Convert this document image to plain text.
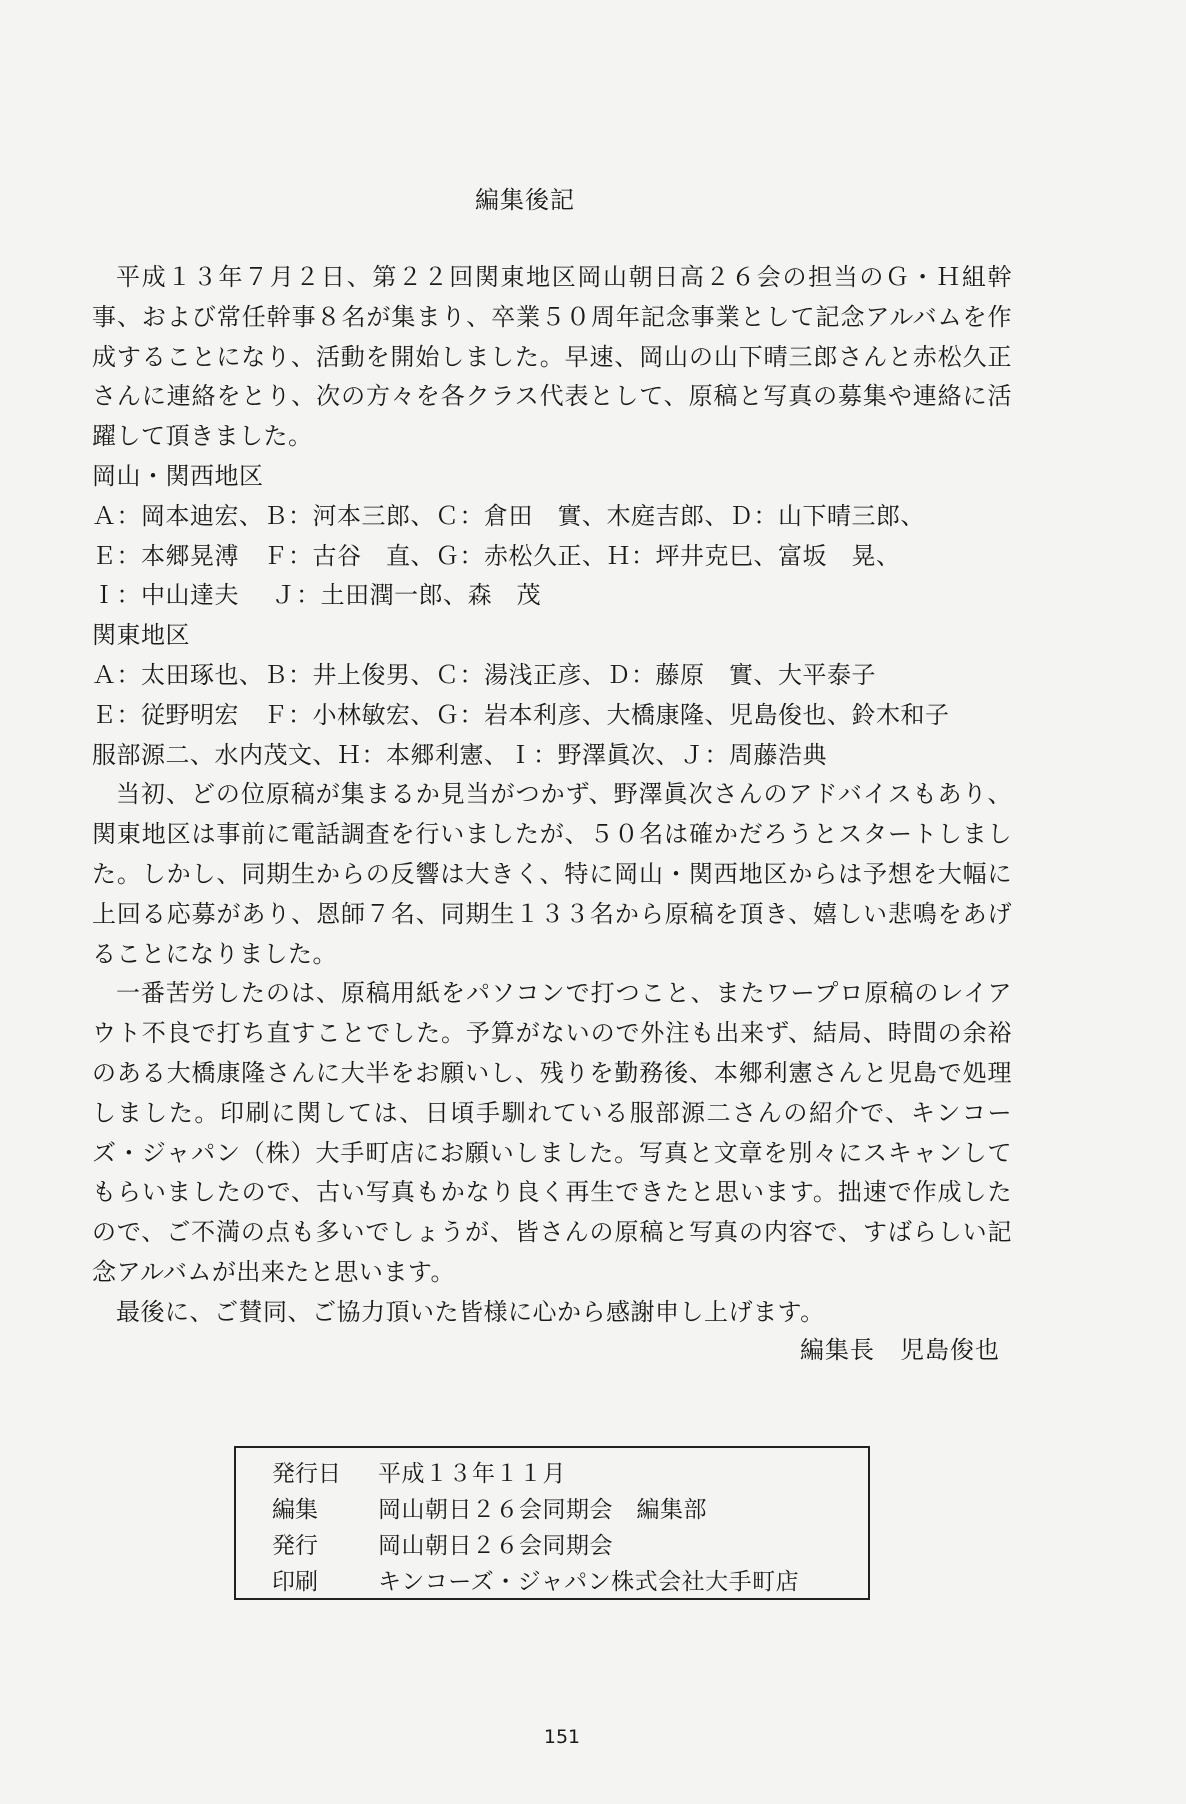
編集後記

平成１３年７月２日、第２２回関東地区岡山朝日高２６会の担当のＧ・Ｈ組幹事、および常任幹事８名が集まり、卒業５０周年記念事業として記念アルバムを作成することになり、活動を開始しました。早速、岡山の山下晴三郎さんと赤松久正さんに連絡をとり、次の方々を各クラス代表として、原稿と写真の募集や連絡に活躍して頂きました。

岡山・関西地区

Ａ：岡本迪宏、Ｂ：河本三郎、Ｃ：倉田　實、木庭吉郎、Ｄ：山下晴三郎、

Ｅ：本郷晃溥　Ｆ：古谷　直、Ｇ：赤松久正、Ｈ：坪井克巳、富坂　晃、

Ｉ：中山達夫　 Ｊ：土田潤一郎、森　茂

関東地区

Ａ：太田琢也、Ｂ：井上俊男、Ｃ：湯浅正彦、Ｄ：藤原　實、大平泰子

Ｅ：従野明宏　Ｆ：小林敏宏、Ｇ：岩本利彦、大橋康隆、児島俊也、鈴木和子

服部源二、水内茂文、Ｈ：本郷利憲、Ｉ：野澤眞次、Ｊ：周藤浩典

当初、どの位原稿が集まるか見当がつかず、野澤眞次さんのアドバイスもあり、関東地区は事前に電話調査を行いましたが、５０名は確かだろうとスタートしました。しかし、同期生からの反響は大きく、特に岡山・関西地区からは予想を大幅に上回る応募があり、恩師７名、同期生１３３名から原稿を頂き、嬉しい悲鳴をあげることになりました。

一番苦労したのは、原稿用紙をパソコンで打つこと、またワープロ原稿のレイアウト不良で打ち直すことでした。予算がないので外注も出来ず、結局、時間の余裕のある大橋康隆さんに大半をお願いし、残りを勤務後、本郷利憲さんと児島で処理しました。印刷に関しては、日頃手馴れている服部源二さんの紹介で、キンコーズ・ジャパン（株）大手町店にお願いしました。写真と文章を別々にスキャンしてもらいましたので、古い写真もかなり良く再生できたと思います。拙速で作成したので、ご不満の点も多いでしょうが、皆さんの原稿と写真の内容で、すばらしい記念アルバムが出来たと思います。

最後に、ご賛同、ご協力頂いた皆様に心から感謝申し上げます。

編集長　児島俊也
発行日	平成１３年１１月
編集	岡山朝日２６会同期会　編集部
発行	岡山朝日２６会同期会
印刷	キンコーズ・ジャパン株式会社大手町店
151
